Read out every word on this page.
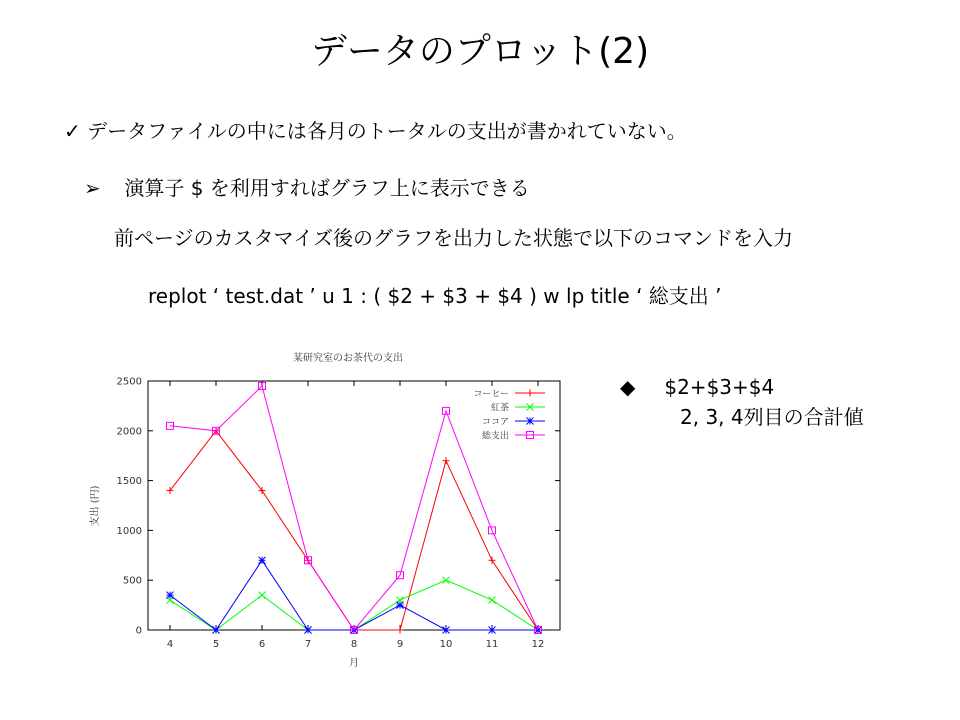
データのプロット(2)
✓ データファイルの中には各月のトータルの支出が書かれていない。
➢ 演算子 $ を利用すればグラフ上に表示できる
前ページのカスタマイズ後のグラフを出力した状態で以下のコマンドを入力
replot ‘ test.dat ’ u 1 : ( $2 + $3 + $4 ) w lp title ‘ 総支出 ’
◆ $2+$3+$4
2, 3, 4列目の合計値
某研究室のお茶代の支出
支出 (円)
月
0
500
1000
1500
2000
2500
4	5	6	7	8	9	10	11	12
コーヒー
紅茶
ココア
総支出
